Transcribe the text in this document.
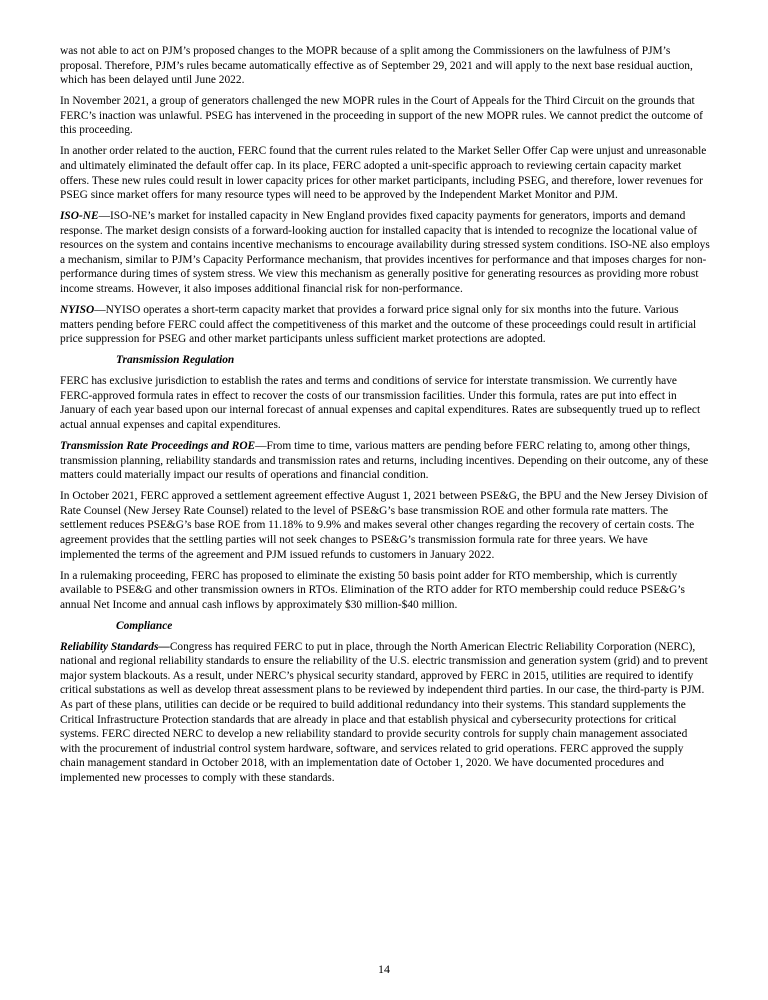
was not able to act on PJM’s proposed changes to the MOPR because of a split among the Commissioners on the lawfulness of PJM’s proposal. Therefore, PJM’s rules became automatically effective as of September 29, 2021 and will apply to the next base residual auction, which has been delayed until June 2022.

In November 2021, a group of generators challenged the new MOPR rules in the Court of Appeals for the Third Circuit on the grounds that FERC’s inaction was unlawful. PSEG has intervened in the proceeding in support of the new MOPR rules. We cannot predict the outcome of this proceeding.

In another order related to the auction, FERC found that the current rules related to the Market Seller Offer Cap were unjust and unreasonable and ultimately eliminated the default offer cap. In its place, FERC adopted a unit-specific approach to reviewing certain capacity market offers. These new rules could result in lower capacity prices for other market participants, including PSEG, and therefore, lower revenues for PSEG since market offers for many resource types will need to be approved by the Independent Market Monitor and PJM.

ISO-NE—ISO-NE’s market for installed capacity in New England provides fixed capacity payments for generators, imports and demand response. The market design consists of a forward-looking auction for installed capacity that is intended to recognize the locational value of resources on the system and contains incentive mechanisms to encourage availability during stressed system conditions. ISO-NE also employs a mechanism, similar to PJM’s Capacity Performance mechanism, that provides incentives for performance and that imposes charges for non-performance during times of system stress. We view this mechanism as generally positive for generating resources as providing more robust income streams. However, it also imposes additional financial risk for non-performance.

NYISO—NYISO operates a short-term capacity market that provides a forward price signal only for six months into the future. Various matters pending before FERC could affect the competitiveness of this market and the outcome of these proceedings could result in artificial price suppression for PSEG and other market participants unless sufficient market protections are adopted.

Transmission Regulation

FERC has exclusive jurisdiction to establish the rates and terms and conditions of service for interstate transmission. We currently have FERC-approved formula rates in effect to recover the costs of our transmission facilities. Under this formula, rates are put into effect in January of each year based upon our internal forecast of annual expenses and capital expenditures. Rates are subsequently trued up to reflect actual annual expenses and capital expenditures.

Transmission Rate Proceedings and ROE—From time to time, various matters are pending before FERC relating to, among other things, transmission planning, reliability standards and transmission rates and returns, including incentives. Depending on their outcome, any of these matters could materially impact our results of operations and financial condition.

In October 2021, FERC approved a settlement agreement effective August 1, 2021 between PSE&G, the BPU and the New Jersey Division of Rate Counsel (New Jersey Rate Counsel) related to the level of PSE&G’s base transmission ROE and other formula rate matters. The settlement reduces PSE&G’s base ROE from 11.18% to 9.9% and makes several other changes regarding the recovery of certain costs. The agreement provides that the settling parties will not seek changes to PSE&G’s transmission formula rate for three years. We have implemented the terms of the agreement and PJM issued refunds to customers in January 2022.

In a rulemaking proceeding, FERC has proposed to eliminate the existing 50 basis point adder for RTO membership, which is currently available to PSE&G and other transmission owners in RTOs. Elimination of the RTO adder for RTO membership could reduce PSE&G’s annual Net Income and annual cash inflows by approximately $30 million-$40 million.

Compliance

Reliability Standards—Congress has required FERC to put in place, through the North American Electric Reliability Corporation (NERC), national and regional reliability standards to ensure the reliability of the U.S. electric transmission and generation system (grid) and to prevent major system blackouts. As a result, under NERC’s physical security standard, approved by FERC in 2015, utilities are required to identify critical substations as well as develop threat assessment plans to be reviewed by independent third parties. In our case, the third-party is PJM. As part of these plans, utilities can decide or be required to build additional redundancy into their systems. This standard supplements the Critical Infrastructure Protection standards that are already in place and that establish physical and cybersecurity protections for critical systems. FERC directed NERC to develop a new reliability standard to provide security controls for supply chain management associated with the procurement of industrial control system hardware, software, and services related to grid operations. FERC approved the supply chain management standard in October 2018, with an implementation date of October 1, 2020. We have documented procedures and implemented new processes to comply with these standards.

14
